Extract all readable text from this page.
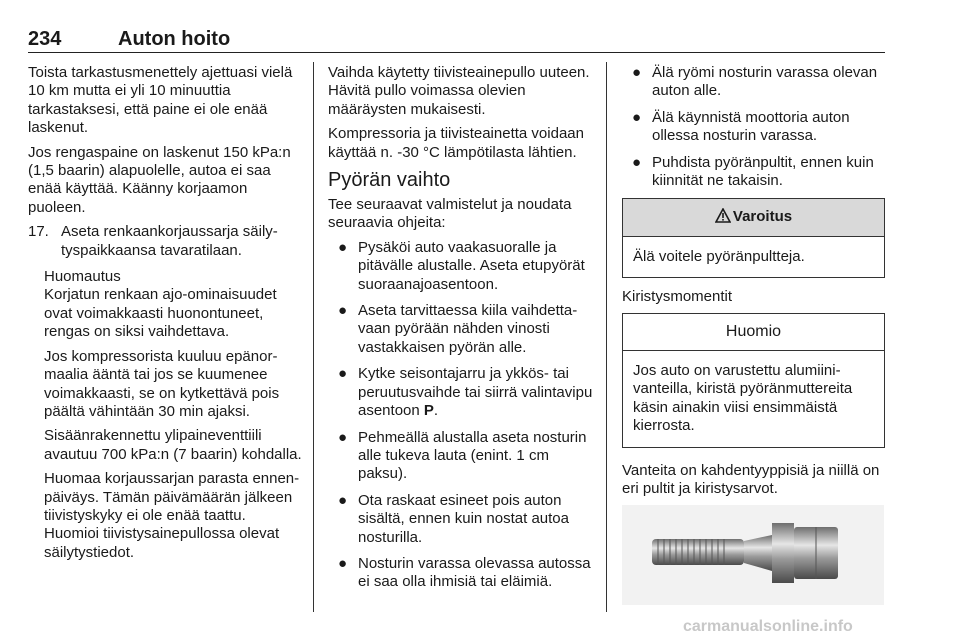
234	Auton hoito

Toista tarkastusmenettely ajettuasi vielä 10 km mutta ei yli 10 minuuttia tarkastaksesi, että paine ei ole enää laskenut.

Jos rengaspaine on laskenut 150 kPa:n (1,5 baarin) alapuolelle, autoa ei saa enää käyttää. Käänny korjaamon puoleen.

17. Aseta renkaankorjaussarja säilytyspaikkaansa tavaratilaan.

Huomautus

Korjatun renkaan ajo-ominaisuudet ovat voimakkaasti huonontuneet, rengas on siksi vaihdettava.

Jos kompressorista kuuluu epänormaalia ääntä tai jos se kuumenee voimakkaasti, se on kytkettävä pois päältä vähintään 30 min ajaksi.

Sisäänrakennettu ylipaineventtiili avautuu 700 kPa:n (7 baarin) kohdalla.

Huomaa korjaussarjan parasta ennen-päiväys. Tämän päivämäärän jälkeen tiivistyskyky ei ole enää taattu. Huomioi tiivistysainepullossa olevat säilytystiedot.

Vaihda käytetty tiivisteainepullo uuteen. Hävitä pullo voimassa olevien määräysten mukaisesti.

Kompressoria ja tiivisteainetta voidaan käyttää n. -30 °C lämpötilasta lähtien.

Pyörän vaihto

Tee seuraavat valmistelut ja noudata seuraavia ohjeita:

● Pysäköi auto vaakasuoralle ja pitävälle alustalle. Aseta etupyörät suoraanajoasentoon.
● Aseta tarvittaessa kiila vaihdettavaan pyörään nähden vinosti vastakkaisen pyörän alle.
● Kytke seisontajarru ja ykkös- tai peruutusvaihde tai siirrä valintavipu asentoon P.
● Pehmeällä alustalla aseta nosturin alle tukeva lauta (enint. 1 cm paksu).
● Ota raskaat esineet pois auton sisältä, ennen kuin nostat autoa nosturilla.
● Nosturin varassa olevassa autossa ei saa olla ihmisiä tai eläimiä.
● Älä ryömi nosturin varassa olevan auton alle.
● Älä käynnistä moottoria auton ollessa nosturin varassa.
● Puhdista pyöränpultit, ennen kuin kiinnität ne takaisin.
Varoitus
Älä voitele pyöränpultteja.

Kiristysmomentit

Huomio
Jos auto on varustettu alumiinivanteilla, kiristä pyöränmuttereita käsin ainakin viisi ensimmäistä kierrosta.

Vanteita on kahdentyyppisiä ja niillä on eri pultit ja kiristysarvot.

carmanualsonline.info
